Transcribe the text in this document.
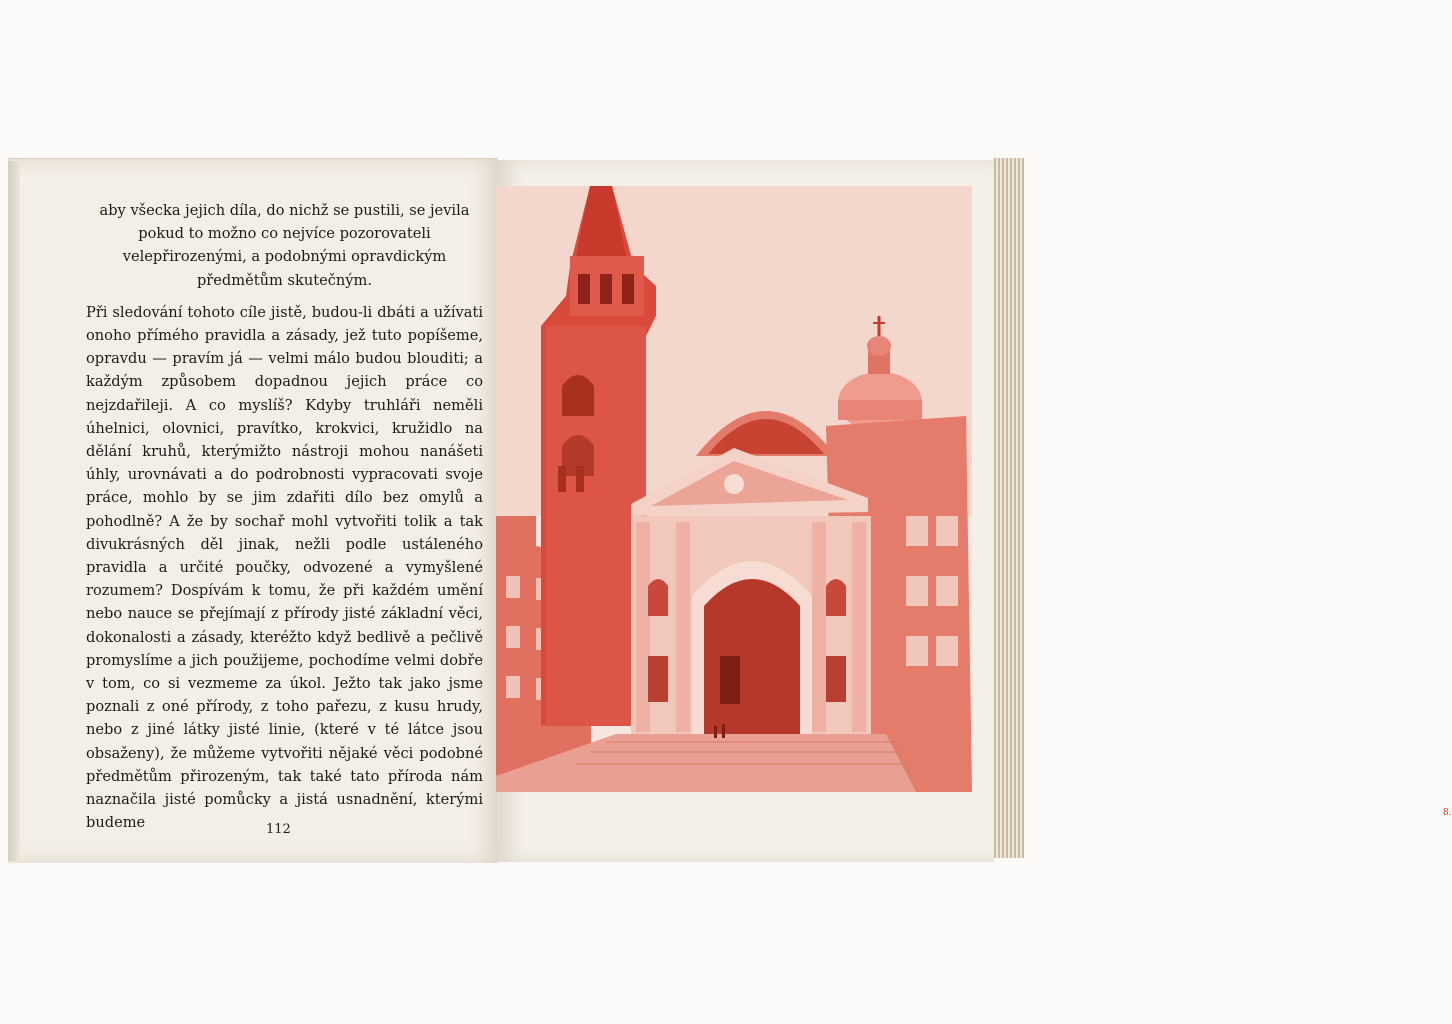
aby všecka jejich díla, do nichž se pustili, se jevila pokud to možno co nejvíce pozorovateli velepřirozenými, a podobnými opravdickým předmětům skutečným.

Při sledování tohoto cíle jistě, budou-li dbáti a užívati onoho přímého pravidla a zásady, jež tuto popíšeme, opravdu — pravím já — velmi málo budou blouditi; a každým způsobem dopadnou jejich práce co nejzdařileji. A co myslíš? Kdyby truhláři neměli úhelnici, olovnici, pravítko, krokvici, kružidlo na dělání kruhů, kterýmižto nástroji mohou nanášeti úhly, urovnávati a do podrobnosti vypracovati svoje práce, mohlo by se jim zdařiti dílo bez omylů a pohodlně? A že by sochař mohl vytvořiti tolik a tak divukrásných děl jinak, nežli podle ustáleného pravidla a určité poučky, odvozené a vymyšlené rozumem? Dospívám k tomu, že při každém umění nebo nauce se přejímají z přírody jisté základní věci, dokonalosti a zásady, kteréžto když bedlivě a pečlivě promyslíme a jich použijeme, pochodíme velmi dobře v tom, co si vezmeme za úkol. Ježto tak jako jsme poznali z oné přírody, z toho pařezu, z kusu hrudy, nebo z jiné látky jisté linie, (které v té látce jsou obsaženy), že můžeme vytvořiti nějaké věci podobné předmětům přirozeným, tak také tato příroda nám naznačila jisté pomůcky a jistá usnadnění, kterými budeme	112
8.
